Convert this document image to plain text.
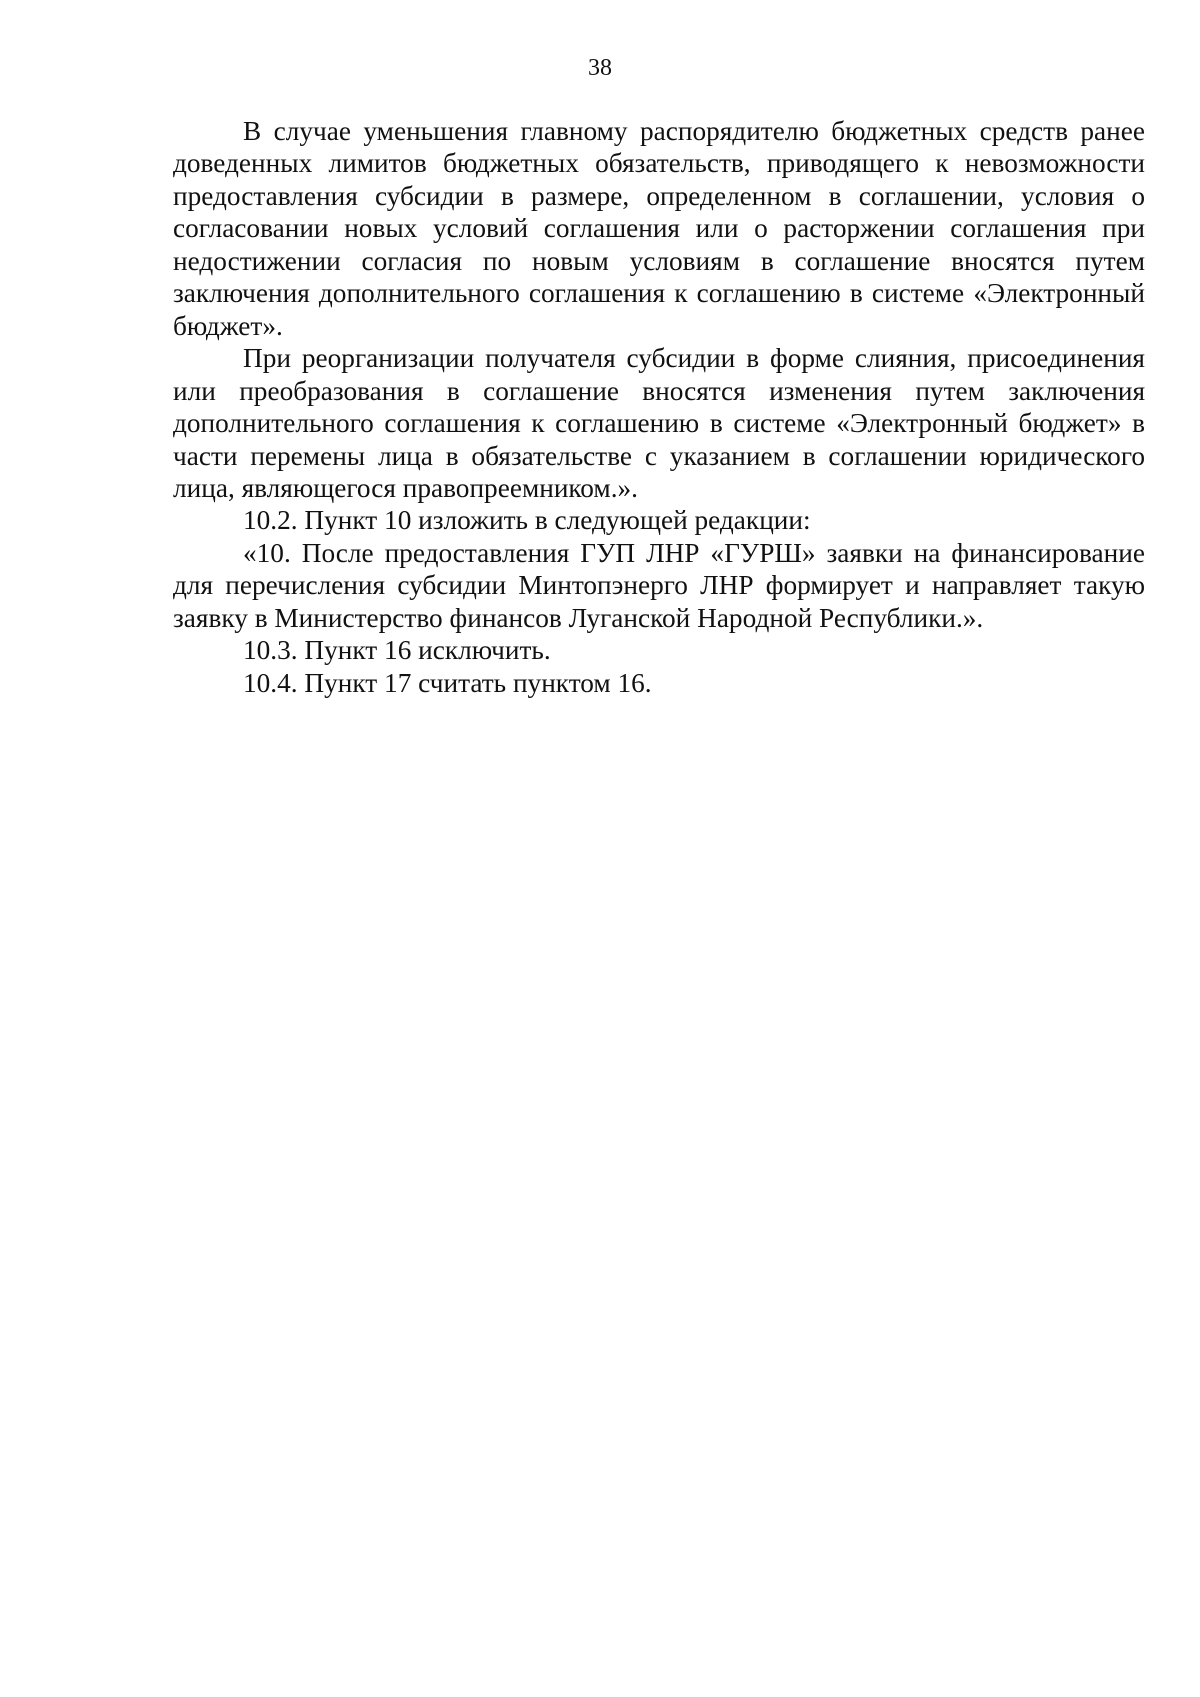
38

В случае уменьшения главному распорядителю бюджетных средств ранее доведенных лимитов бюджетных обязательств, приводящего к невозможности предоставления субсидии в размере, определенном в соглашении, условия о согласовании новых условий соглашения или о расторжении соглашения при недостижении согласия по новым условиям в соглашение вносятся путем заключения дополнительного соглашения к соглашению в системе «Электронный бюджет».

При реорганизации получателя субсидии в форме слияния, присоединения или преобразования в соглашение вносятся изменения путем заключения дополнительного соглашения к соглашению в системе «Электронный бюджет» в части перемены лица в обязательстве с указанием в соглашении юридического лица, являющегося правопреемником.».

10.2. Пункт 10 изложить в следующей редакции:

«10. После предоставления ГУП ЛНР «ГУРШ» заявки на финансирование для перечисления субсидии Минтопэнерго ЛНР формирует и направляет такую заявку в Министерство финансов Луганской Народной Республики.».

10.3. Пункт 16 исключить.

10.4. Пункт 17 считать пунктом 16.
